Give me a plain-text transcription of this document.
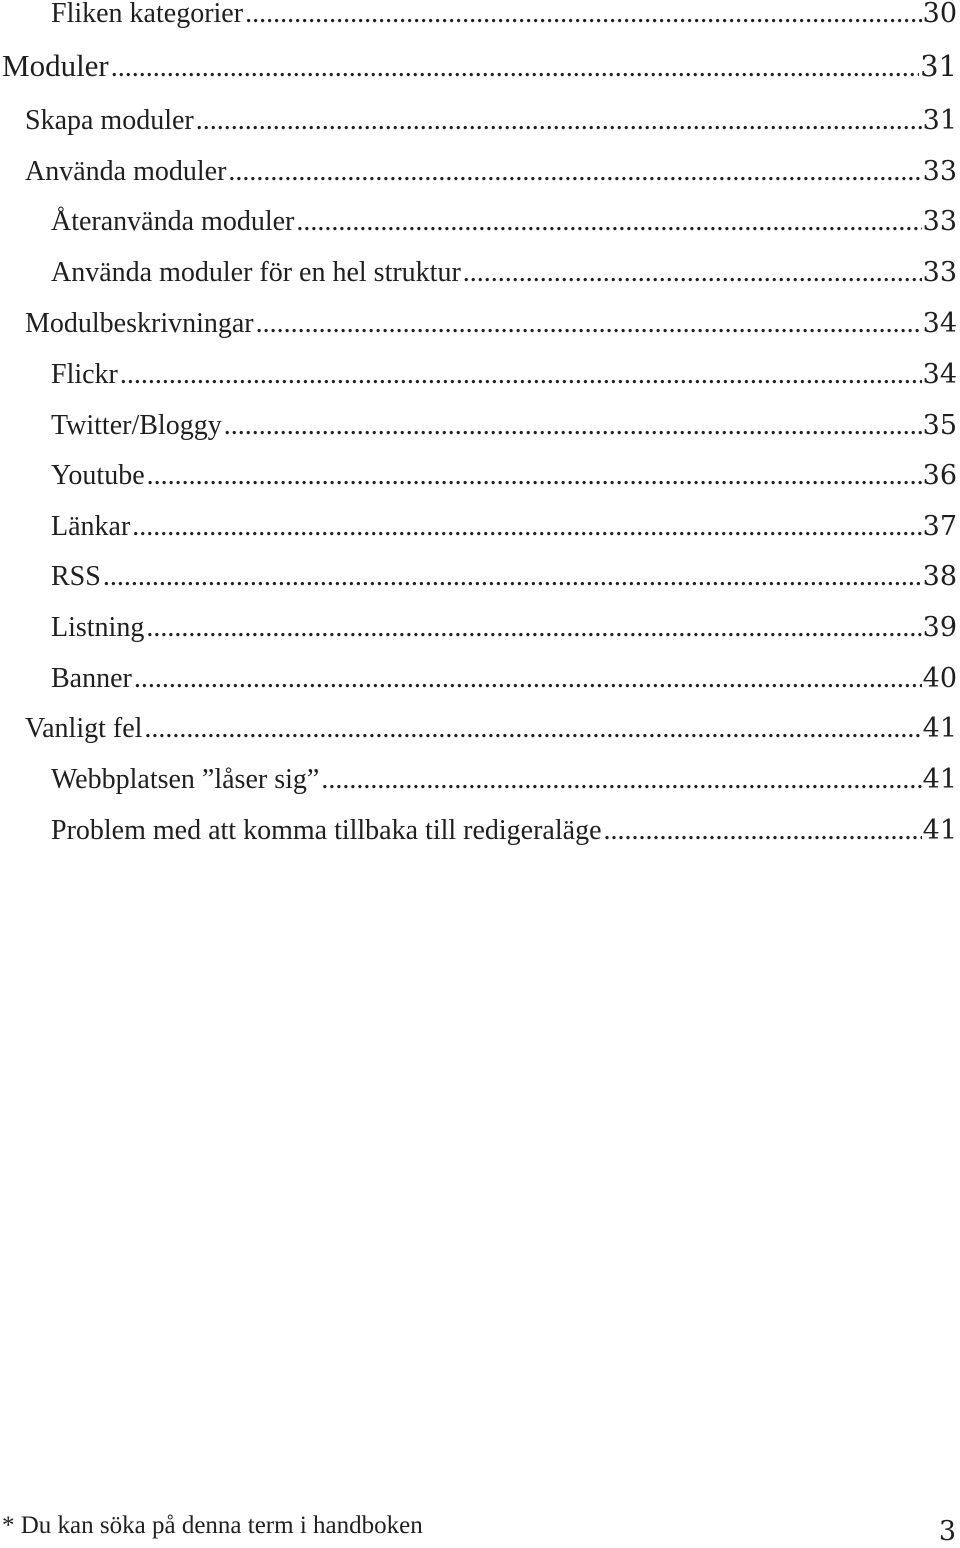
Fliken kategorier .....	30
Moduler .....	31
Skapa moduler .....	31
Använda moduler .....	33
Återanvända moduler .....	33
Använda moduler för en hel struktur .....	33
Modulbeskrivningar .....	34
Flickr .....	34
Twitter/Bloggy .....	35
Youtube .....	36
Länkar .....	37
RSS .....	38
Listning .....	39
Banner .....	40
Vanligt fel .....	41
Webbplatsen ”låser sig” .....	41
Problem med att komma tillbaka till redigeraläge .....	41
* Du kan söka på denna term i handboken	3
